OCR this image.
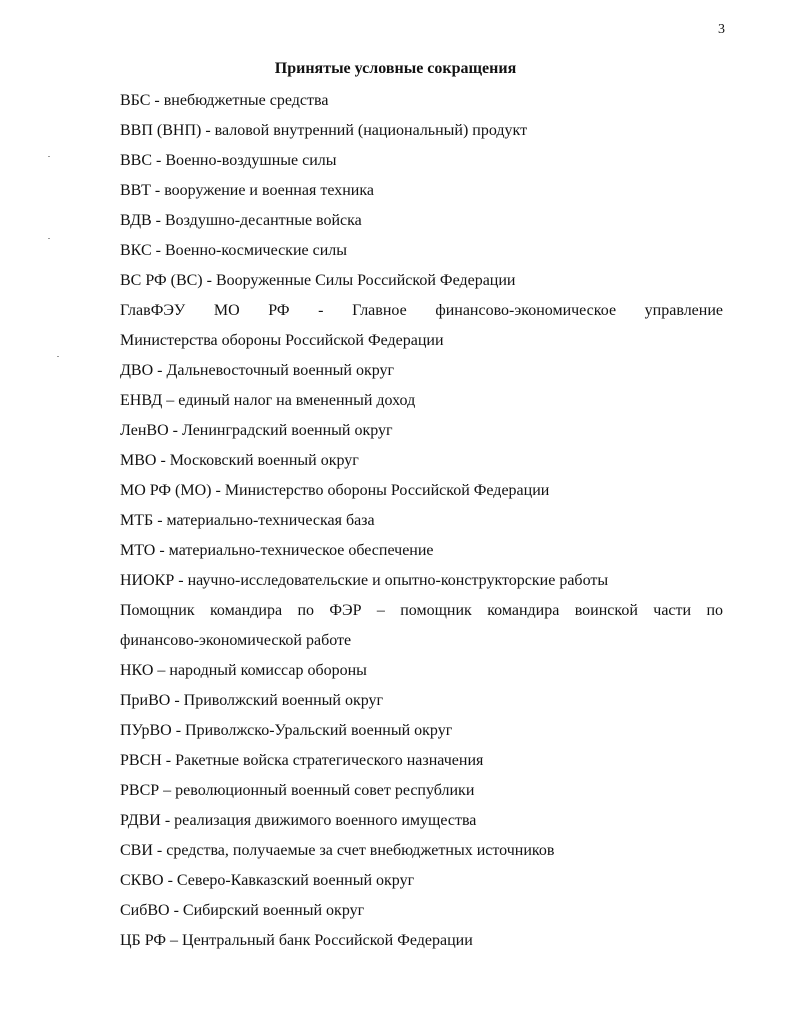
3
Принятые условные сокращения
ВБС - внебюджетные средства
ВВП (ВНП) - валовой внутренний (национальный) продукт
ВВС - Военно-воздушные силы
ВВТ - вооружение и военная техника
ВДВ - Воздушно-десантные войска
ВКС - Военно-космические силы
ВС РФ (ВС) - Вооруженные Силы Российской Федерации
ГлавФЭУ МО РФ - Главное финансово-экономическое управление
Министерства обороны Российской Федерации
ДВО - Дальневосточный военный округ
ЕНВД – единый налог на вмененный доход
ЛенВО - Ленинградский военный округ
МВО - Московский военный округ
МО РФ (МО) - Министерство обороны Российской Федерации
МТБ - материально-техническая база
МТО - материально-техническое обеспечение
НИОКР - научно-исследовательские и опытно-конструкторские работы
Помощник командира по ФЭР – помощник командира воинской части по
финансово-экономической работе
НКО – народный комиссар обороны
ПриВО - Приволжский военный округ
ПУрВО - Приволжско-Уральский военный округ
РВСН - Ракетные войска стратегического назначения
РВСР – революционный военный совет республики
РДВИ - реализация движимого военного имущества
СВИ - средства, получаемые за счет внебюджетных источников
СКВО - Северо-Кавказский военный округ
СибВО - Сибирский военный округ
ЦБ РФ – Центральный банк Российской Федерации
